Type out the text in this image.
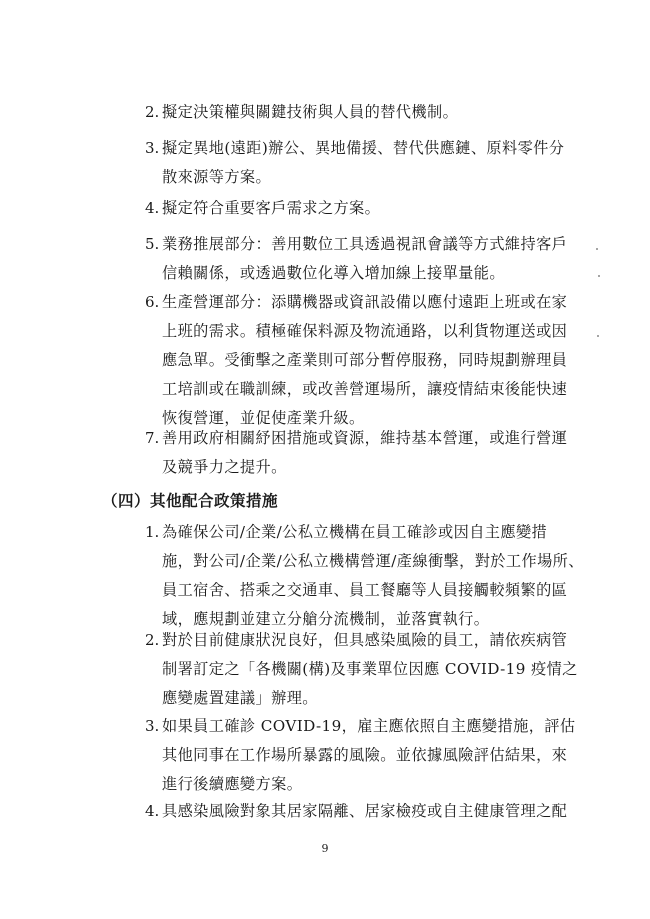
2. 擬定決策權與關鍵技術與人員的替代機制。
3. 擬定異地(遠距)辦公、異地備援、替代供應鏈、原料零件分
散來源等方案。
4. 擬定符合重要客戶需求之方案。
5. 業務推展部分：善用數位工具透過視訊會議等方式維持客戶
信賴關係，或透過數位化導入增加線上接單量能。
6. 生產營運部分：添購機器或資訊設備以應付遠距上班或在家
上班的需求。積極確保料源及物流通路，以利貨物運送或因
應急單。受衝擊之產業則可部分暫停服務，同時規劃辦理員
工培訓或在職訓練，或改善營運場所，讓疫情結束後能快速
恢復營運，並促使產業升級。
7. 善用政府相關紓困措施或資源，維持基本營運，或進行營運
及競爭力之提升。
（四）其他配合政策措施
1. 為確保公司/企業/公私立機構在員工確診或因自主應變措
施，對公司/企業/公私立機構營運/產線衝擊，對於工作場所、
員工宿舍、搭乘之交通車、員工餐廳等人員接觸較頻繁的區
域，應規劃並建立分艙分流機制，並落實執行。
2. 對於目前健康狀況良好，但具感染風險的員工，請依疾病管
制署訂定之「各機關(構)及事業單位因應 COVID-19 疫情之
應變處置建議」辦理。
3. 如果員工確診 COVID-19，雇主應依照自主應變措施，評估
其他同事在工作場所暴露的風險。並依據風險評估結果，來
進行後續應變方案。
4. 具感染風險對象其居家隔離、居家檢疫或自主健康管理之配
9
